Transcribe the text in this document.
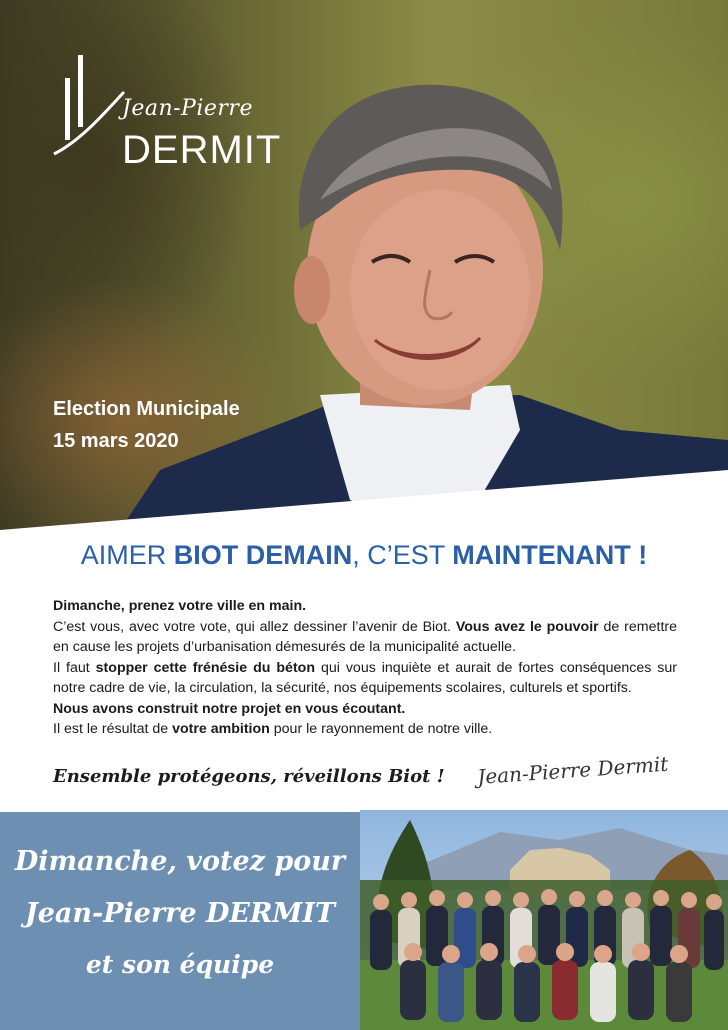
Jean-Pierre
DERMIT
Election Municipale
15 mars 2020
AIMER BIOT DEMAIN, C’EST MAINTENANT !

Dimanche, prenez votre ville en main.

C’est vous, avec votre vote, qui allez dessiner l’avenir de Biot. Vous avez le pouvoir de remettre en cause les projets d’urbanisation démesurés de la municipalité actuelle.

Il faut stopper cette frénésie du béton qui vous inquiète et aurait de fortes conséquences sur notre cadre de vie, la circulation, la sécurité, nos équipements scolaires, culturels et sportifs.

Nous avons construit notre projet en vous écoutant.

Il est le résultat de votre ambition pour le rayonnement de notre ville.

Ensemble protégeons, réveillons Biot ! Jean-Pierre Dermit
Dimanche, votez pour
Jean-Pierre DERMIT
et son équipe
